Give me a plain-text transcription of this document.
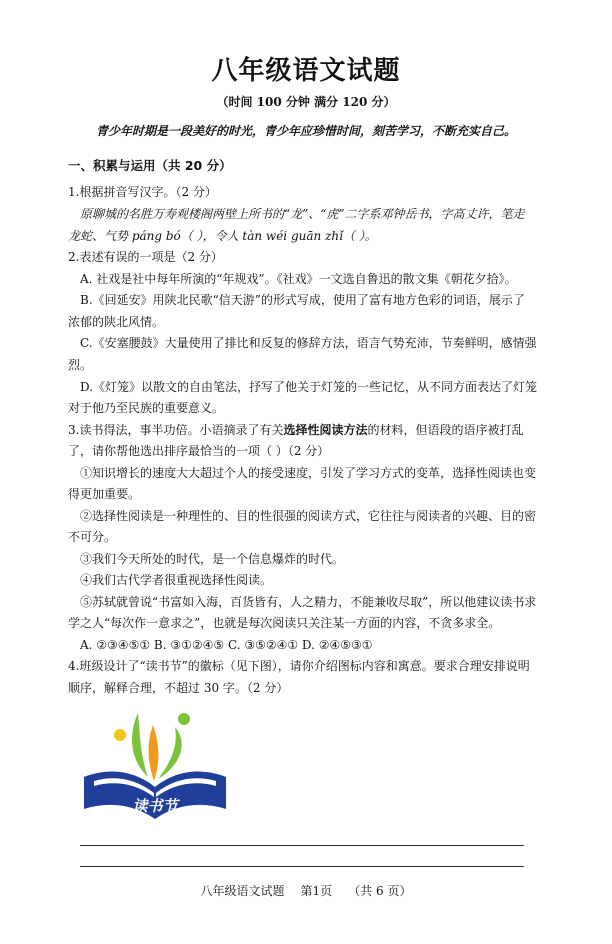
八年级语文试题
（时间 100 分钟 满分 120 分）
青少年时期是一段美好的时光，青少年应珍惜时间，刻苦学习，不断充实自己。
一、积累与运用（共 20 分）
1.根据拼音写汉字。（2 分）
原聊城的名胜万寿观楼阁两壁上所书的“龙”、“虎”二字系邓钟岳书，字高丈许，笔走
龙蛇、气势 páng bó（ ），令人 tàn wéi guān zhǐ（ ）。
2.表述有误的一项是（2 分）
A. 社戏是社中每年所演的“年规戏”。《社戏》一文选自鲁迅的散文集《朝花夕拾》。
B.《回延安》用陕北民歌“信天游”的形式写成，使用了富有地方色彩的词语，展示了
浓郁的陕北风情。
C.《安塞腰鼓》大量使用了排比和反复的修辞方法，语言气势充沛，节奏鲜明，感情强
烈。
D.《灯笼》以散文的自由笔法，抒写了他关于灯笼的一些记忆，从不同方面表达了灯笼
对于他乃至民族的重要意义。
3.读书得法，事半功倍。小语摘录了有关选择性阅读方法的材料，但语段的语序被打乱
了，请你帮他选出排序最恰当的一项（ ）（2 分）
①知识增长的速度大大超过个人的接受速度，引发了学习方式的变革，选择性阅读也变
得更加重要。
②选择性阅读是一种理性的、目的性很强的阅读方式，它往往与阅读者的兴趣、目的密
不可分。
③我们今天所处的时代，是一个信息爆炸的时代。
④我们古代学者很重视选择性阅读。
⑤苏轼就曾说“书富如入海，百货皆有，人之精力，不能兼收尽取”，所以他建议读书求
学之人“每次作一意求之”，也就是每次阅读只关注某一方面的内容，不贪多求全。
A. ②③④⑤① B. ③①②④⑤ C. ③⑤②④① D. ②④⑤③①
4.班级设计了“读书节”的徽标（见下图），请你介绍图标内容和寓意。要求合理安排说明
顺序，解释合理，不超过 30 字。（2 分）
读书节
八年级语文试题 第1页 （共 6 页）
